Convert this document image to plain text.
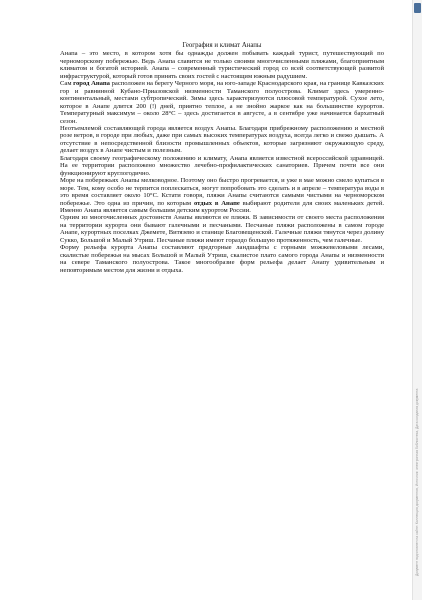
География и климат Анапы

Анапа – это место, в котором хотя бы однажды должен побывать каждый турист, путешествующий по черноморскому побережью. Ведь Анапа славится не только своими многочисленными пляжами, благоприятным климатом и богатой историей. Анапа – современный туристический город со всей соответствующей развитой инфраструктурой, который готов принять своих гостей с настоящим южным радушием.

Сам город Анапа расположен на берегу Черного моря, на юго-западе Краснодарского края, на границе Кавказских гор и равнинной Кубано-Приазовской низменности Таманского полуострова. Климат здесь умеренно-континентальный, местами субтропический. Зимы здесь характеризуются плюсовой температурой. Сухое лето, которое в Анапе длится 200 (!) дней, приятно теплое, а не знойно жаркое как на большинстве курортов. Температурный максимум – около 28°С – здесь достигается в августе, а в сентябре уже начинается бархатный сезон.

Неотъемлемой составляющей города является воздух Анапы. Благодаря прибрежному расположению и местной розе ветров, в городе при любых, даже при самых высоких температурах воздуха, всегда легко и свежо дышать. А отсутствие в непосредственной близости промышленных объектов, которые загрязняют окружающую среду, делает воздух в Анапе чистым и полезным.

Благодаря своему географическому положению и климату, Анапа является известной всероссийской здравницей. На ее территории расположено множество лечебно-профилактических санаториев. Причем почти все они функционируют круглогодично.

Море на побережьях Анапы мелководное. Поэтому оно быстро прогревается, и уже в мае можно смело купаться в море. Тем, кому особо не терпится поплескаться, могут попробовать это сделать и в апреле – температура воды в это время составляет около 10°С. Кстати говоря, пляжи Анапы считаются самыми чистыми на черноморском побережье. Это одна из причин, по которым отдых в Анапе выбирают родители для своих маленьких детей. Именно Анапа является самым большим детским курортом России.

Одним из многочисленных достоинств Анапы являются ее пляжи. В зависимости от своего места расположения на территории курорта они бывают галечными и песчаными. Песчаные пляжи расположены в самом городе Анапе, курортных поселках Джемете, Витязево и станице Благовещенской. Галечные пляжи тянутся через долину Сукко, Большой и Малый Утриш. Песчаные пляжи имеют гораздо большую протяженность, чем галечные.

Форму рельефа курорта Анапы составляют предгорные ландшафты с горными можжевеловыми лесами, скалистые побережья на мысах Большой и Малый Утриш, скалистое плато самого города Анапы и низменности на севере Таманского полуострова. Такое многообразие форм рельефа делает Анапу удивительным и неповторимым местом для жизни и отдыха.

Документ подготовлен на сайте: Коллекция документов, Источник: электронная библиотека, Дата создания документа
